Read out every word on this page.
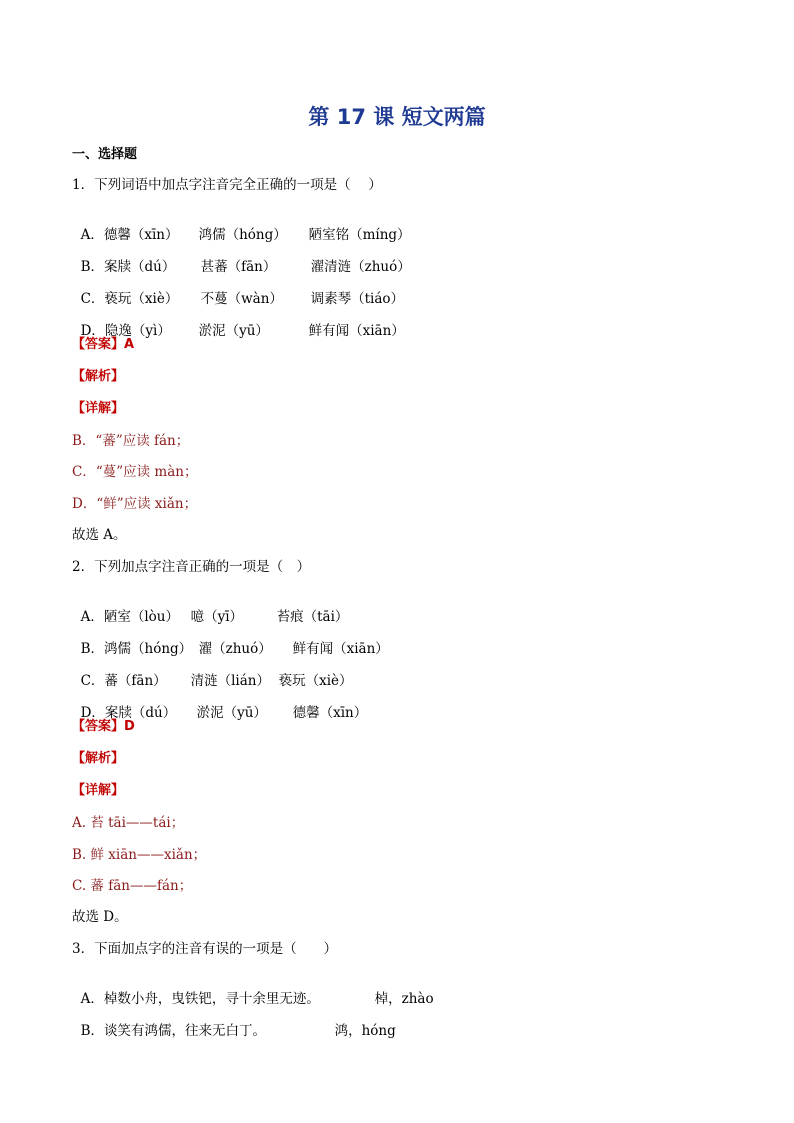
第 17 课 短文两篇
一、选择题
1．下列词语中加点字注音完全正确的一项是（　 ）

A．德馨（xīn） 鸿儒（hóng） 陋室铭（míng）

B．案牍（dú） 甚蕃（fān）	濯清涟（zhuó）

C．亵玩（xiè） 不蔓（wàn） 调素琴（tiáo）

D．隐逸（yì） 淤泥（yū）	鲜有闻（xiān）

【答案】A
【解析】
【详解】
B．“蕃”应读 fán；
C．“蔓”应读 màn；
D．“鲜”应读 xiǎn；
故选 A。
2．下列加点字注音正确的一项是（　）

A．陋室（lòu） 噫（yī） 苔痕（tāi）

B．鸿儒（hóng） 濯（zhuó） 鲜有闻（xiān）

C．蕃（fān） 清涟（lián） 亵玩（xiè）

D．案牍（dú） 淤泥（yū） 德馨（xīn）

【答案】D
【解析】
【详解】
A. 苔 tāi——tái；
B. 鲜 xiān——xiǎn；
C. 蕃 fān——fán；
故选 D。
3．下面加点字的注音有误的一项是（　　）

A．棹数小舟，曳铁钯，寻十余里无迹。	棹，zhào

B．谈笑有鸿儒，往来无白丁。	鸿，hóng
